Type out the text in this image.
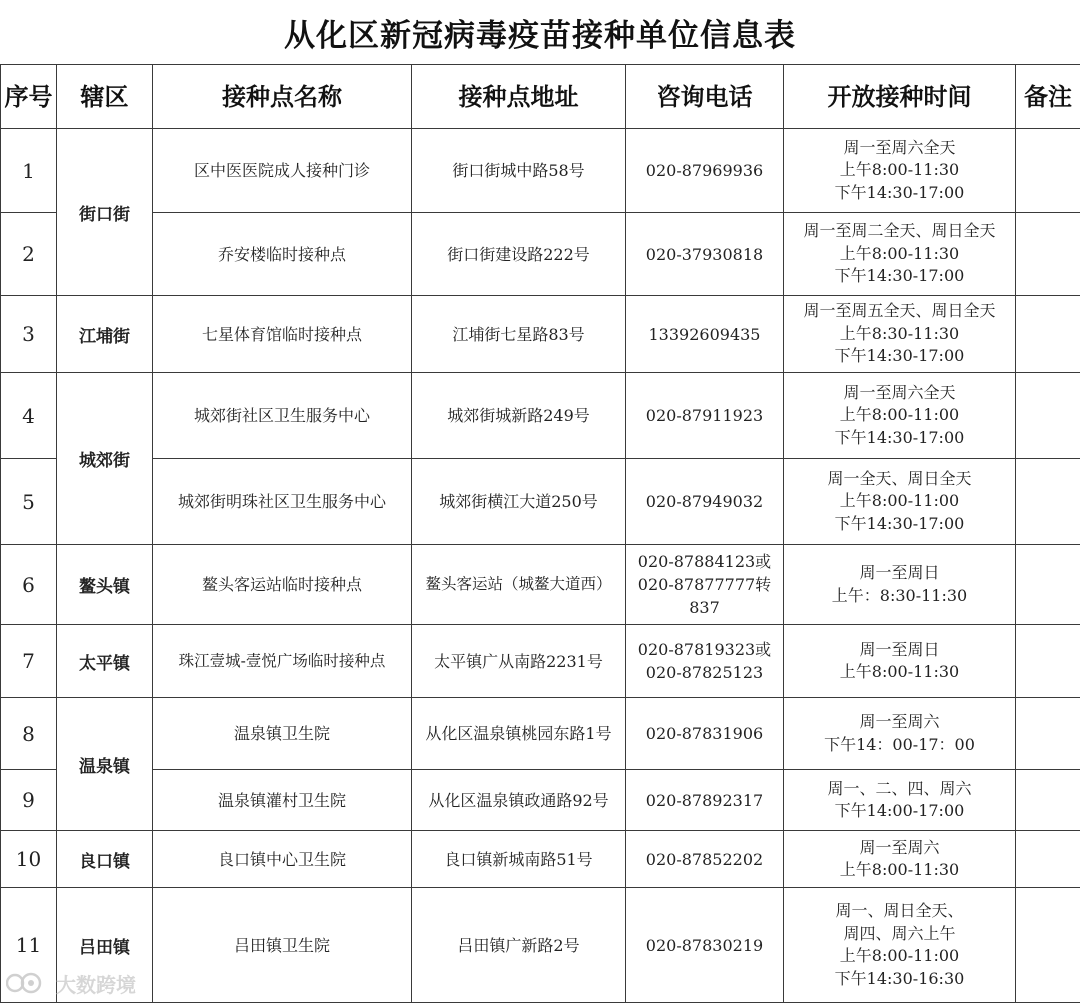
从化区新冠病毒疫苗接种单位信息表
序号	辖区	接种点名称	接种点地址	咨询电话	开放接种时间	备注
1	街口街	区中医医院成人接种门诊	街口街城中路58号	020-87969936	周一至周六全天
上午8:00-11:30
下午14:30-17:00	

2		乔安楼临时接种点	街口街建设路222号	020-37930818	周一至周二全天、周日全天
上午8:00-11:30
下午14:30-17:00	

3	江埔街	七星体育馆临时接种点	江埔街七星路83号	13392609435	周一至周五全天、周日全天
上午8:30-11:30
下午14:30-17:00	

4	城郊街	城郊街社区卫生服务中心	城郊街城新路249号	020-87911923	周一至周六全天
上午8:00-11:00
下午14:30-17:00	

5		城郊街明珠社区卫生服务中心	城郊街横江大道250号	020-87949032	周一全天、周日全天
上午8:00-11:00
下午14:30-17:00	

6	鳌头镇	鳌头客运站临时接种点	鳌头客运站（城鳌大道西）	020-87884123或
020-87877777转
837	周一至周日
上午：8:30-11:30	

7	太平镇	珠江壹城-壹悦广场临时接种点	太平镇广从南路2231号	020-87819323或
020-87825123	周一至周日
上午8:00-11:30	

8	温泉镇	温泉镇卫生院	从化区温泉镇桃园东路1号	020-87831906	周一至周六
下午14：00-17：00	

9		温泉镇灌村卫生院	从化区温泉镇政通路92号	020-87892317	周一、二、四、周六
下午14:00-17:00	

10	良口镇	良口镇中心卫生院	良口镇新城南路51号	020-87852202	周一至周六
上午8:00-11:30	

11	吕田镇	吕田镇卫生院	吕田镇广新路2号	020-87830219	周一、周日全天、
周四、周六上午
上午8:00-11:00
下午14:30-16:30	

大数跨境
